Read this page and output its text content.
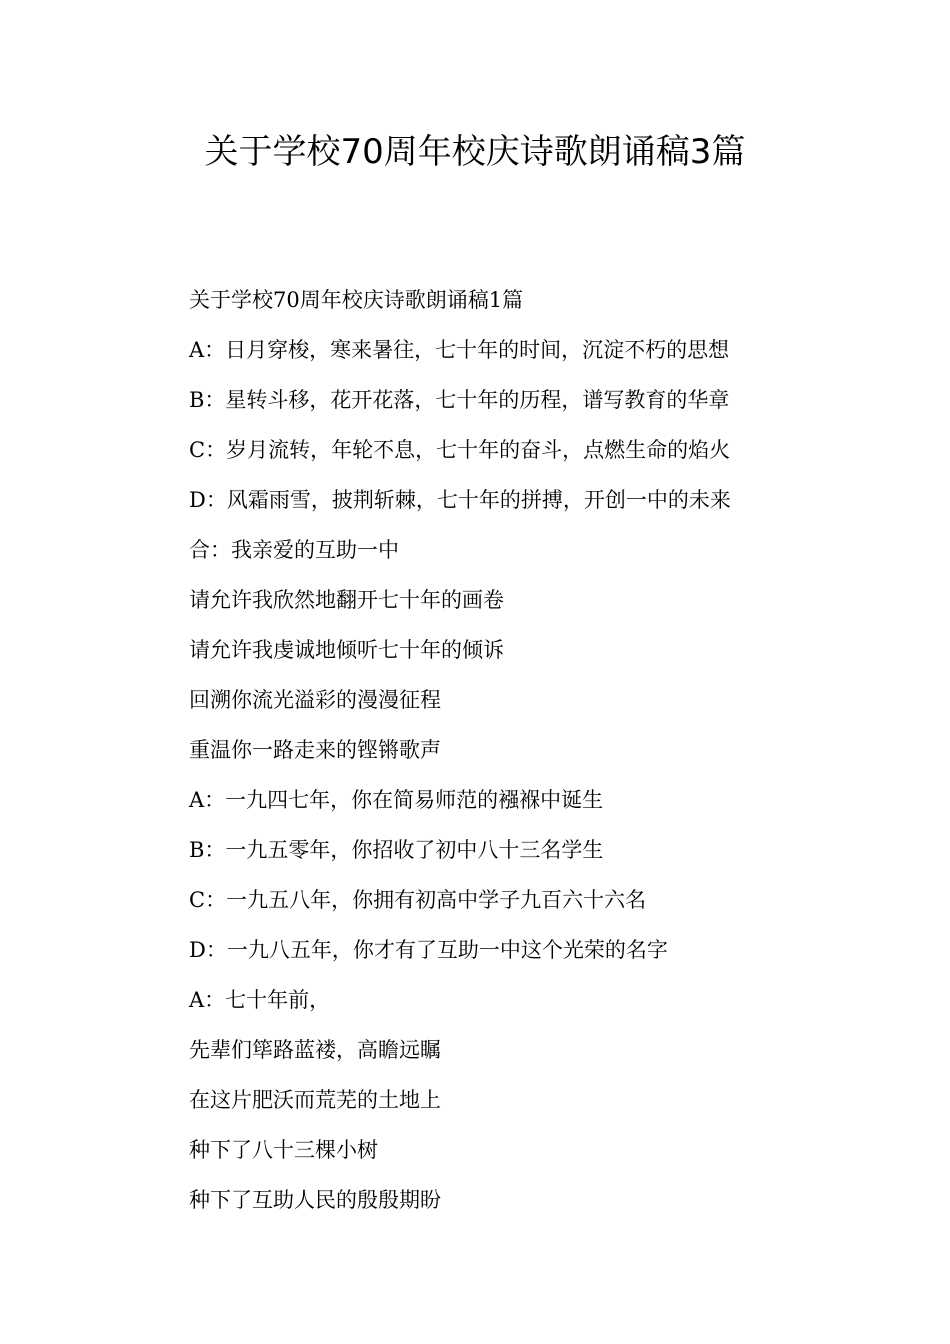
关于学校70周年校庆诗歌朗诵稿3篇
关于学校70周年校庆诗歌朗诵稿1篇
A：日月穿梭，寒来暑往，七十年的时间，沉淀不朽的思想
B：星转斗移，花开花落，七十年的历程，谱写教育的华章
C：岁月流转，年轮不息，七十年的奋斗，点燃生命的焰火
D：风霜雨雪，披荆斩棘，七十年的拼搏，开创一中的未来
合：我亲爱的互助一中
请允许我欣然地翻开七十年的画卷
请允许我虔诚地倾听七十年的倾诉
回溯你流光溢彩的漫漫征程
重温你一路走来的铿锵歌声
A：一九四七年，你在简易师范的襁褓中诞生
B：一九五零年，你招收了初中八十三名学生
C：一九五八年，你拥有初高中学子九百六十六名
D：一九八五年，你才有了互助一中这个光荣的名字
A：七十年前，
先辈们筚路蓝褛，高瞻远瞩
在这片肥沃而荒芜的土地上
种下了八十三棵小树
种下了互助人民的殷殷期盼
